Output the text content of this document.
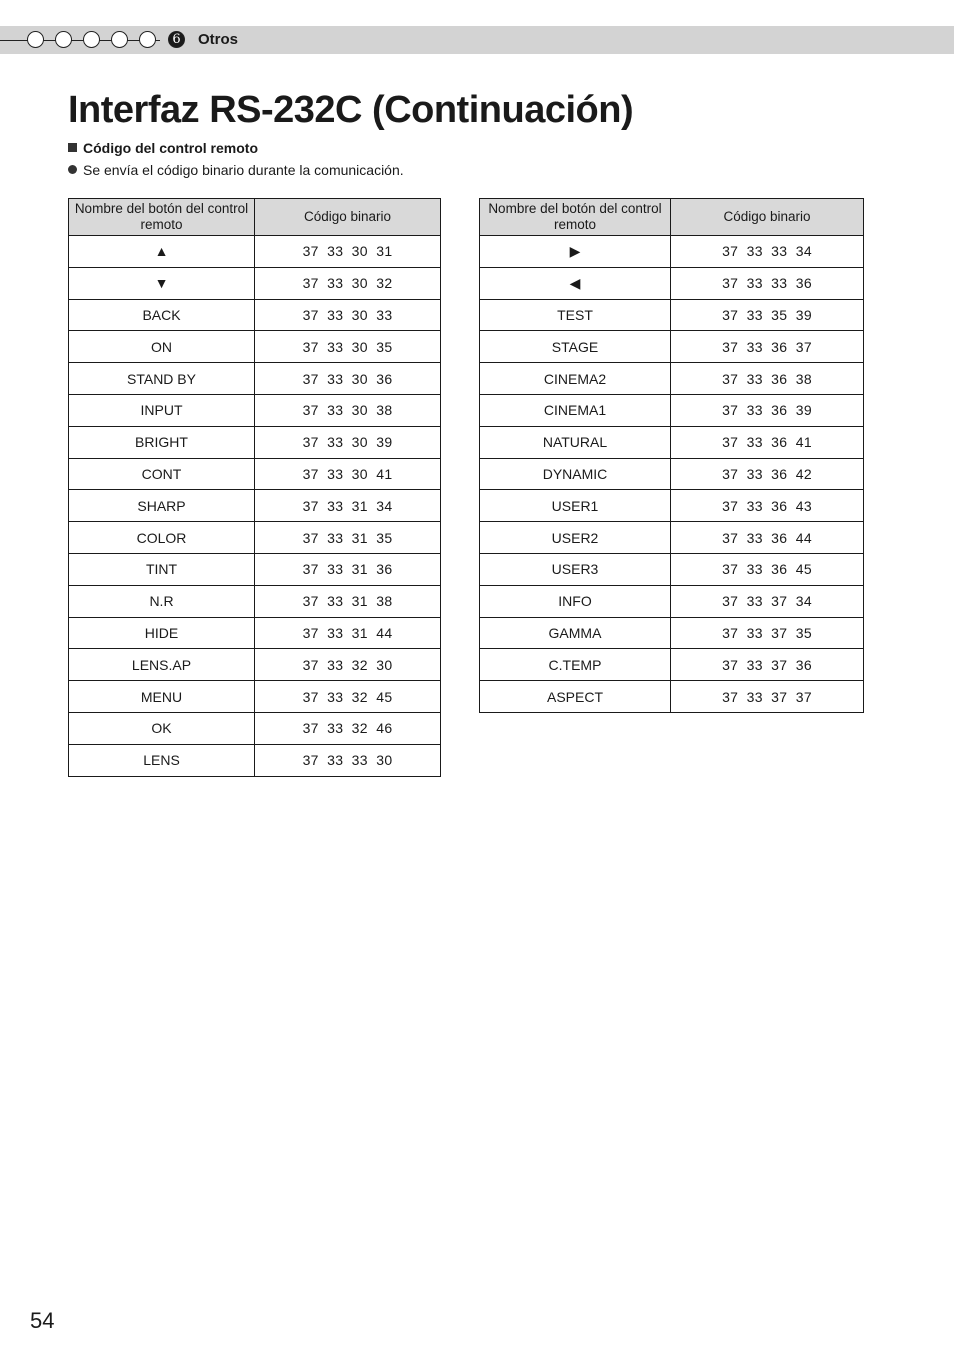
6 Otros
Interfaz RS-232C (Continuación)
Código del control remoto
Se envía el código binario durante la comunicación.
Nombre del botón del control remoto	Código binario
▲	37  33  30  31
▼	37  33  30  32
BACK	37  33  30  33
ON	37  33  30  35
STAND BY	37  33  30  36
INPUT	37  33  30  38
BRIGHT	37  33  30  39
CONT	37  33  30  41
SHARP	37  33  31  34
COLOR	37  33  31  35
TINT	37  33  31  36
N.R	37  33  31  38
HIDE	37  33  31  44
LENS.AP	37  33  32  30
MENU	37  33  32  45
OK	37  33  32  46
LENS	37  33  33  30
Nombre del botón del control remoto	Código binario
▶	37  33  33  34
◀	37  33  33  36
TEST	37  33  35  39
STAGE	37  33  36  37
CINEMA2	37  33  36  38
CINEMA1	37  33  36  39
NATURAL	37  33  36  41
DYNAMIC	37  33  36  42
USER1	37  33  36  43
USER2	37  33  36  44
USER3	37  33  36  45
INFO	37  33  37  34
GAMMA	37  33  37  35
C.TEMP	37  33  37  36
ASPECT	37  33  37  37
54
